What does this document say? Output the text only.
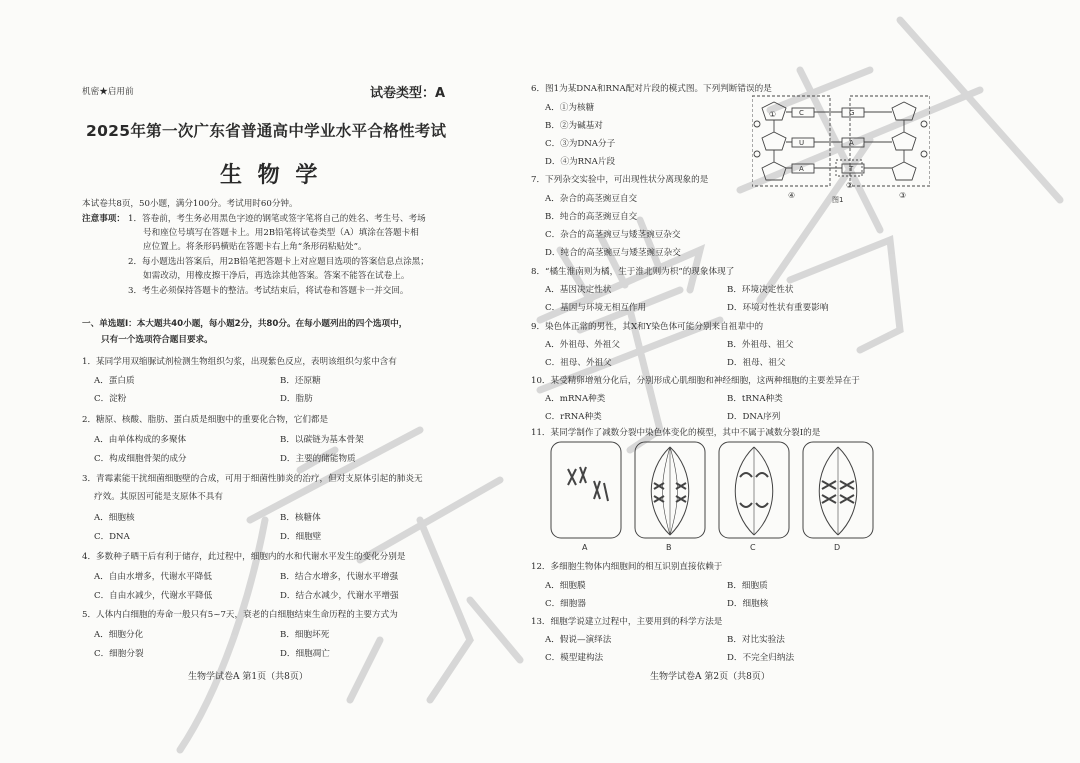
机密★启用前	试卷类型：A
2025年第一次广东省普通高中学业水平合格性考试
生 物 学
本试卷共8页，50小题，满分100分。考试用时60分钟。
注意事项： 1．答卷前，考生务必用黑色字迹的钢笔或签字笔将自己的姓名、考生号、考场
号和座位号填写在答题卡上。用2B铅笔将试卷类型（A）填涂在答题卡相
应位置上。将条形码横贴在答题卡右上角“条形码粘贴处”。
2．每小题选出答案后，用2B铅笔把答题卡上对应题目选项的答案信息点涂黑；
如需改动，用橡皮擦干净后，再选涂其他答案。答案不能答在试卷上。
3．考生必须保持答题卡的整洁。考试结束后，将试卷和答题卡一并交回。
一、单选题Ⅰ：本大题共40小题，每小题2分，共80分。在每小题列出的四个选项中，
只有一个选项符合题目要求。
1．某同学用双缩脲试剂检测生物组织匀浆，出现紫色反应，表明该组织匀浆中含有
A．蛋白质	B．还原糖
C．淀粉	D．脂肪
2．糖原、核酸、脂肪、蛋白质是细胞中的重要化合物，它们都是
A．由单体构成的多聚体	B．以碳链为基本骨架
C．构成细胞骨架的成分	D．主要的储能物质
3．青霉素能干扰细菌细胞壁的合成，可用于细菌性肺炎的治疗，但对支原体引起的肺炎无
疗效。其原因可能是支原体不具有
A．细胞核	B．核糖体
C．DNA	D．细胞壁
4．多数种子晒干后有利于储存，此过程中，细胞内的水和代谢水平发生的变化分别是
A．自由水增多，代谢水平降低	B．结合水增多，代谢水平增强
C．自由水减少，代谢水平降低	D．结合水减少，代谢水平增强
5．人体内白细胞的寿命一般只有5~7天，衰老的白细胞结束生命历程的主要方式为
A．细胞分化	B．细胞坏死
C．细胞分裂	D．细胞凋亡
生物学试卷A 第1页（共8页）
6．图1为某DNA和RNA配对片段的模式图。下列判断错误的是
A．①为核糖
B．②为碱基对
C．③为DNA分子
D．④为RNA片段
C	G
U	A
A	T
①
②
③
④	图1
7．下列杂交实验中，可出现性状分离现象的是
A．杂合的高茎豌豆自交
B．纯合的高茎豌豆自交
C．杂合的高茎豌豆与矮茎豌豆杂交
D．纯合的高茎豌豆与矮茎豌豆杂交
8．“橘生淮南则为橘，生于淮北则为枳”的现象体现了
A．基因决定性状	B．环境决定性状
C．基因与环境无相互作用	D．环境对性状有重要影响
9．染色体正常的男性，其X和Y染色体可能分别来自祖辈中的
A．外祖母、外祖父	B．外祖母、祖父
C．祖母、外祖父	D．祖母、祖父
10．某受精卵增殖分化后，分别形成心肌细胞和神经细胞，这两种细胞的主要差异在于
A．mRNA种类	B．tRNA种类
C．rRNA种类	D．DNA序列
11．某同学制作了减数分裂中染色体变化的模型，其中不属于减数分裂Ⅰ的是
A	B	C	D
12．多细胞生物体内细胞间的相互识别直接依赖于
A．细胞膜	B．细胞质
C．细胞器	D．细胞核
13．细胞学说建立过程中，主要用到的科学方法是
A．假说—演绎法	B．对比实验法
C．模型建构法	D．不完全归纳法
生物学试卷A 第2页（共8页）
